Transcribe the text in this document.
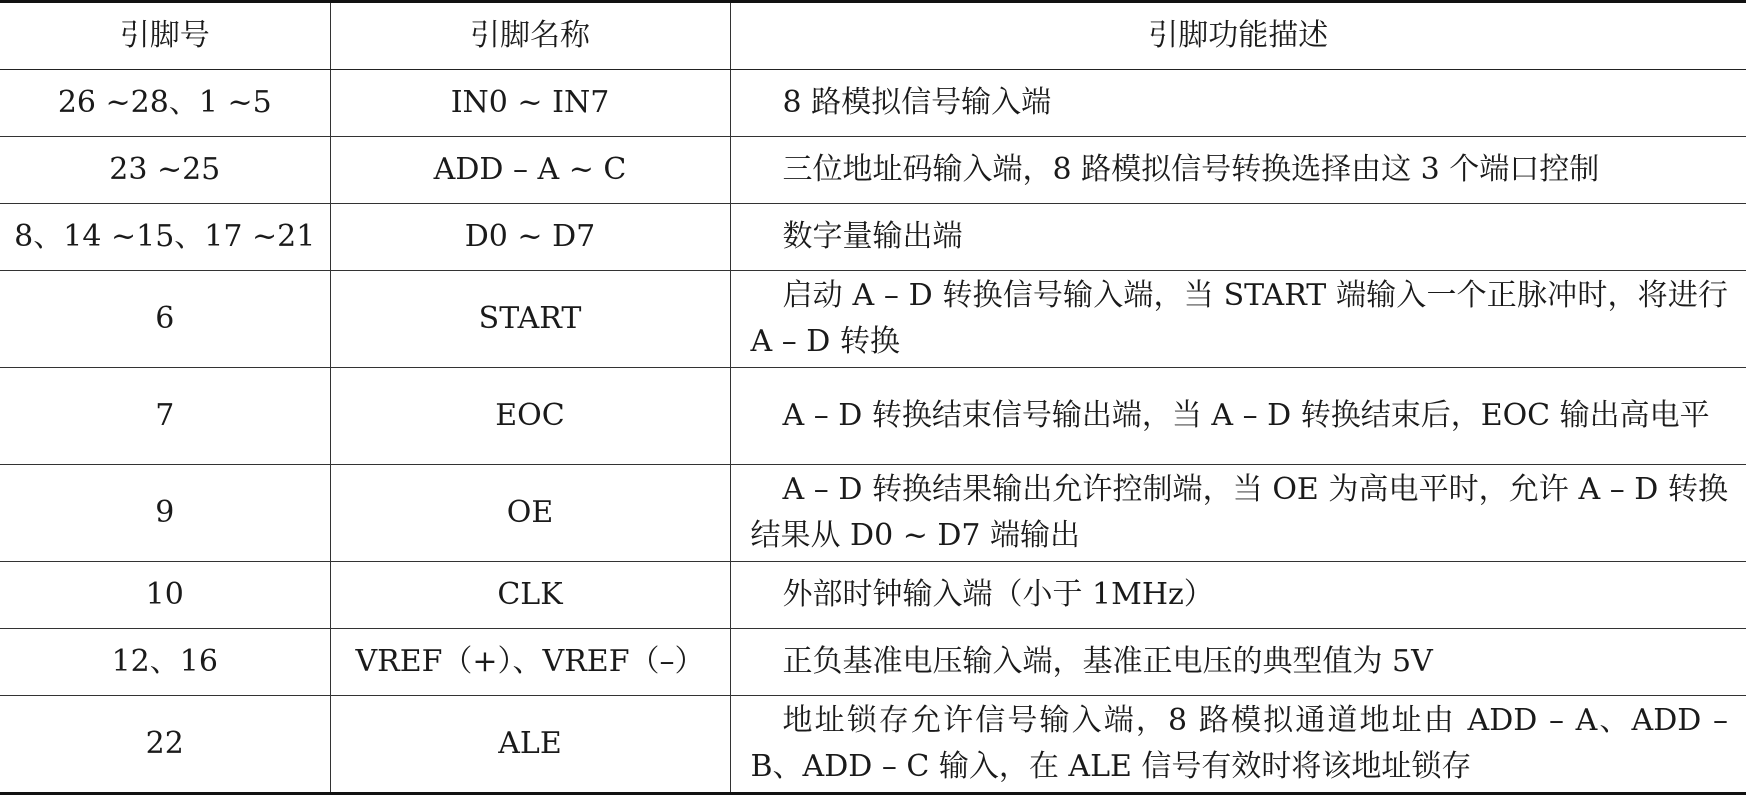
引脚号	引脚名称	引脚功能描述
26 ~28、1 ~5	IN0 ~ IN7	8 路模拟信号输入端
23 ~25	ADD – A ~ C	三位地址码输入端，8 路模拟信号转换选择由这 3 个端口控制
8、14 ~15、17 ~21	D0 ~ D7	数字量输出端
6	START	启动 A – D 转换信号输入端，当 START 端输入一个正脉冲时，将进行 A – D 转换
7	EOC	A – D 转换结束信号输出端，当 A – D 转换结束后，EOC 输出高电平
9	OE	A – D 转换结果输出允许控制端，当 OE 为高电平时，允许 A – D 转换结果从 D0 ~ D7 端输出
10	CLK	外部时钟输入端（小于 1MHz）
12、16	VREF（+）、VREF（–）	正负基准电压输入端，基准正电压的典型值为 5V
22	ALE	地址锁存允许信号输入端，8 路模拟通道地址由 ADD – A、ADD – B、ADD – C 输入，在 ALE 信号有效时将该地址锁存
